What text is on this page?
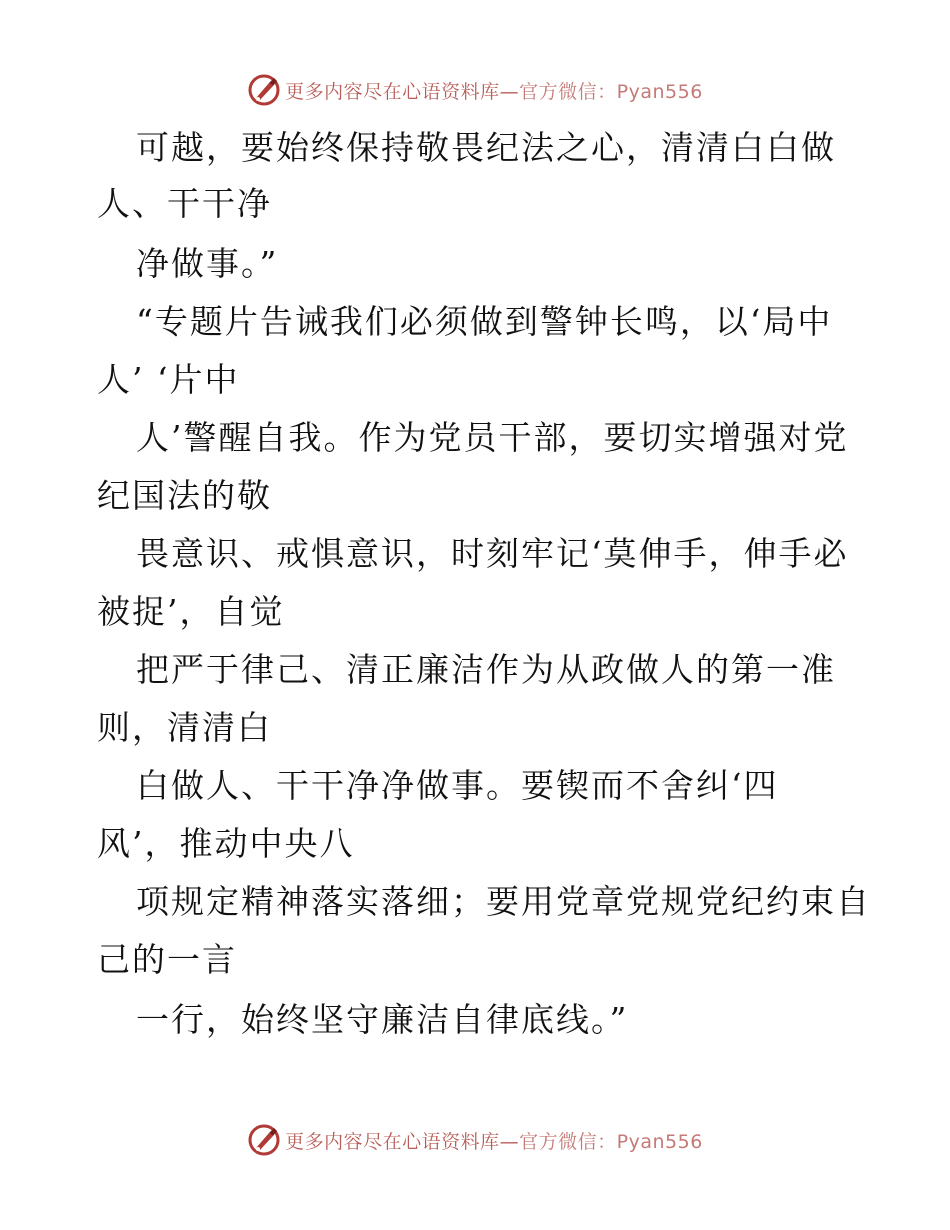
更多内容尽在心语资料库—官方微信：Pyan556
可越，要始终保持敬畏纪法之心，清清白白做
人、干干净
净做事。”
“专题片告诫我们必须做到警钟长鸣，以‘局中
人’ ‘片中
人’警醒自我。作为党员干部，要切实增强对党
纪国法的敬
畏意识、戒惧意识，时刻牢记‘莫伸手，伸手必
被捉’，自觉
把严于律己、清正廉洁作为从政做人的第一准
则，清清白
白做人、干干净净做事。要锲而不舍纠‘四
风’，推动中央八
项规定精神落实落细；要用党章党规党纪约束自
己的一言
一行，始终坚守廉洁自律底线。”
更多内容尽在心语资料库—官方微信：Pyan556
